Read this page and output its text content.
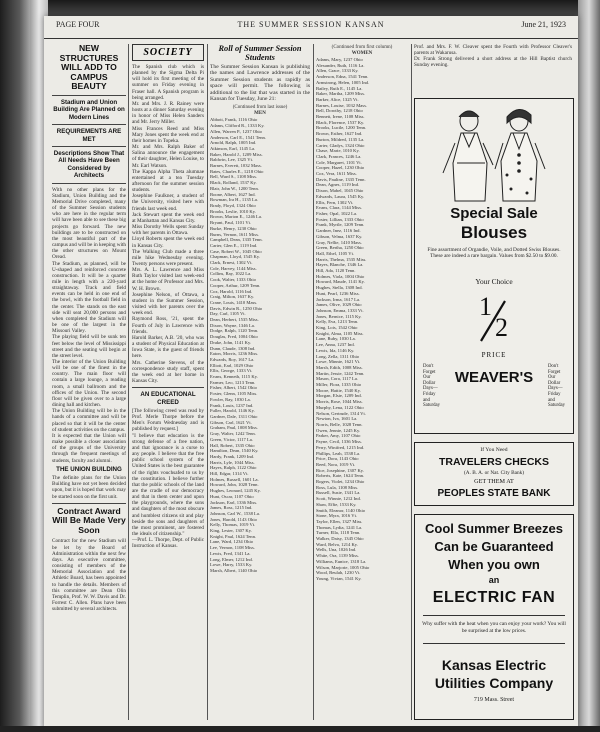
PAGE FOUR	THE SUMMER SESSION KANSAN	June 21, 1923
NEW STRUCTURES WILL ADD TO CAMPUS BEAUTY
Stadium and Union Building Are Planned on Modern Lines
REQUIREMENTS ARE MET
Descriptions Show That All Needs Have Been Considered by Architects

With no other plans for the Stadium, Union Building and the Memorial Drive completed, many of the Summer Session students who are here in the regular term will have been able to see these big projects go forward. The new buildings are to be constructed on the most beautiful part of the campus and will be in keeping with the other structures on Mount Oread.
The Stadium, as planned, will be U-shaped and reinforced concrete construction. It will be a quarter mile in length with a 220-yard straightaway. Track and field events can be held in one end of the bowl, with the football field in the center. The stands on the east side will seat 20,000 persons and when completed the Stadium will be one of the largest in the Missouri Valley.
The playing field will be sunk ten feet below the level of Mississippi street and the seating will begin at the street level.
The interior of the Union Building will be one of the finest in the country. The main floor will contain a large lounge, a reading room, a small ballroom and the offices of the Union. The second floor will be given over to a large dining hall and kitchen.
The Union Building will be in the hands of a committee and will be placed so that it will be the center of student activities on the campus.
It is expected that the Union will make possible a closer association of the groups of the University through the frequent meetings of students, faculty and alumni.

THE UNION BUILDING

The definite plans for the Union Building have not yet been decided upon, but it is hoped that work may be started soon on the first unit.

Contract Award Will Be Made Very Soon

Contract for the new Stadium will be let by the Board of Administration within the next few days. An executive committee, consisting of members of the Memorial Association and the Athletic Board, has been appointed to handle the details. Members of this committee are Dean Olin Templin, Prof. W. W. Davis and Dr. Forrest C. Allen. Plans have been submitted by several architects.

SOCIETY

The Spanish club which is planned by the Sigma Delta Pi will hold its first meeting of the summer on Friday evening in Fraser hall. A Spanish program is being arranged.
Mr. and Mrs. J. R. Rainey were hosts at a dinner Saturday evening in honor of Miss Helen Sanders and Mr. Jerry Miller.
Miss Frances Reed and Miss Mary Jones spent the week end at their homes in Topeka.
Mr. and Mrs. Ralph Baker of Salina announce the engagement of their daughter, Helen Louise, to Mr. Earl Watson.
The Kappa Alpha Theta alumnae entertained at a tea Tuesday afternoon for the summer session students.
Josephine Faulkner, a student of the University, visited here with friends last week end.
Jack Stewart spent the week end at Manhattan and Kansas City.
Miss Dorothy Wells spent Sunday with her parents in Ottawa.
Lloyd Roberts spent the week end in Kansas City.
The Walking Club made a three mile hike Wednesday evening. Twenty persons were present.
Mrs. A. L. Lawrence and Miss Ruth Taylor visited last week-end at the home of Professor and Mrs. W. H. Brown.
Josephine Nelson, of Ottawa, a student in the Summer Session, visited with her parents over the week end.
Raymond Ross, '21, spent the Fourth of July in Lawrence with friends.
Harold Barker, A.B. '20, who was a student of Physical Education at Iowa State, is the guest of friends here.
Mrs. Catherine Stevens, of the correspondence study staff, spent the week end at her home in Kansas City.

AN EDUCATIONAL CREED

[The following creed was read by Prof. Merle Thorpe before the Men's Forum Wednesday and is published by request.]
"I believe that education is the strong defense of a free nation, and that ignorance is a curse to any people. I believe that the free public school system of the United States is the best guarantee of the rights vouchsafed to us by the constitution. I believe further that the public schools of the land are the cradle of our democracy and that in them center and upon the playgrounds, where the sons and daughters of the most obscure and humblest citizens sit and play beside the sons and daughters of the most prominent, are fostered the ideals of citizenship."
—Prof. L. Thorpe, Dept. of Public Instruction of Kansas.

Roll of Summer Session Students

The Summer Session Kansan is publishing the names and Lawrence addresses of the Summer Session students as rapidly as space will permit. The following is additional to the list that was started in the Kansan for Tuesday, June 21:

(Continued from last issue)
MEN

Abbott, Frank, 1116 Ohio
Adams, Clifford R., 1333 Ky.
Allen, Warren P., 1237 Ohio
Anderson, Carl E., 1541 Tenn.
Arnold, Ralph, 1005 Ind.
Atkinson, Earl, 1145 La.
Baker, Harold J., 1209 Miss.
Baldwin, Lee, 1325 Vt.
Barnes, Everett, 1032 Mass.
Bates, Charles E., 1218 Ohio
Bell, Ward S., 1108 Miss.
Black, Rolland, 1537 Ky.
Blair, John W., 1200 Tenn.
Boone, Albert, 1627 Ind.
Bowman, Ira H., 1135 La.
Brady, Floyd, 1324 Ohio
Brooks, Leslie, 1010 Ky.
Brown, Marion E., 1246 La.
Bryant, Paul, 1101 Vt.
Burke, Henry, 1230 Ohio
Burns, Vernon, 1611 Miss.
Campbell, Dean, 1335 Tenn.
Carter, Glen E., 1119 Ind.
Case, Robert W., 1045 Ohio
Chapman, Lloyd, 1545 Ky.
Clark, Ernest, 1302 Vt.
Cole, Harvey, 1144 Miss.
Collins, Ray, 1022 La.
Cook, Walter, 1333 Ohio
Cooper, Arthur, 1209 Tenn.
Cox, Harold, 1116 Ind.
Craig, Milton, 1637 Ky.
Crane, Louis, 1410 Mass.
Davis, Edwin R., 1250 Ohio
Day, Carl, 1105 Vt.
Dean, Herbert, 1535 Miss.
Dixon, Wayne, 1346 La.
Dodge, Ralph, 1120 Tenn.
Douglas, Fred, 1004 Ohio
Drake, John, 1141 Ky.
Dunn, Claude, 1308 Ind.
Eaton, Morris, 1236 Miss.
Edwards, Roy, 1617 La.
Elliott, Earl, 1029 Ohio
Ellis, George, 1333 Vt.
Evans, Kenneth, 1115 Ky.
Farmer, Leo, 1213 Tenn.
Fisher, Albert, 1542 Ohio
Foster, Glenn, 1105 Miss.
Fowler, Ray, 1030 La.
Frank, Louis, 1237 Ind.
Fuller, Harold, 1146 Ky.
Gardner, Dale, 1311 Ohio
Gibson, Carl, 1621 Vt.
Graham, Paul, 1008 Miss.
Gray, Walter, 1242 Tenn.
Green, Victor, 1117 La.
Hall, Robert, 1335 Ohio
Hamilton, Dean, 1540 Ky.
Hardy, Frank, 1209 Ind.
Harris, Lyle, 1044 Miss.
Hayes, Ralph, 1122 Ohio
Hill, Edgar, 1314 Vt.
Holmes, Russell, 1601 La.
Howard, John, 1028 Tenn.
Hughes, Leonard, 1245 Ky.
Hunt, Oscar, 1107 Ohio
Jackson, Earl, 1336 Miss.
James, Ross, 1215 Ind.
Johnson, Carl W., 1538 La.
Jones, Harold, 1143 Ohio
Kelly, Thomas, 1019 Vt.
King, Lester, 1307 Ky.
Knight, Paul, 1624 Tenn.
Lane, Ward, 1234 Ohio
Lee, Vernon, 1108 Miss.
Lewis, Fred, 1341 La.
Long, Elmer, 1212 Ind.
Lowe, Harry, 1533 Ky.
Marsh, Albert, 1140 Ohio

(Continued from first column)
WOMEN

Adams, Mary, 1237 Ohio
Alexander, Ruth, 1116 La.
Allen, Grace, 1333 Ky.
Anderson, Edna, 1541 Tenn.
Armstrong, Helen, 1005 Ind.
Bailey, Ruth E., 1145 La.
Baker, Martha, 1209 Miss.
Barker, Alice, 1325 Vt.
Barnes, Louise, 1032 Mass.
Bell, Dorothy, 1218 Ohio
Bennett, Irene, 1108 Miss.
Black, Florence, 1537 Ky.
Brooks, Lucile, 1200 Tenn.
Brown, Esther, 1627 Ind.
Burton, Mildred, 1135 La.
Carter, Gladys, 1324 Ohio
Chase, Marie, 1010 Ky.
Clark, Frances, 1246 La.
Cole, Margaret, 1101 Vt.
Cooper, Hazel, 1230 Ohio
Cox, Vera, 1611 Miss.
Davis, Pauline, 1335 Tenn.
Dean, Agnes, 1119 Ind.
Dixon, Mabel, 1045 Ohio
Edwards, Laura, 1545 Ky.
Ellis, Fern, 1302 Vt.
Evans, Clara, 1144 Miss.
Fisher, Opal, 1022 La.
Foster, Lillian, 1333 Ohio
Frank, Myrtle, 1209 Tenn.
Gardner, Inez, 1116 Ind.
Gibson, Velma, 1637 Ky.
Gray, Nellie, 1410 Mass.
Green, Bertha, 1250 Ohio
Hall, Ethel, 1105 Vt.
Harris, Thelma, 1535 Miss.
Hayes, Blanche, 1346 La.
Hill, Ada, 1120 Tenn.
Holmes, Viola, 1004 Ohio
Howard, Maude, 1141 Ky.
Hughes, Stella, 1308 Ind.
Hunt, Pearl, 1236 Miss.
Jackson, Irma, 1617 La.
James, Olive, 1029 Ohio
Johnson, Emma, 1333 Vt.
Jones, Bernice, 1115 Ky.
Kelly, Eva, 1213 Tenn.
King, Lois, 1542 Ohio
Knight, Alma, 1105 Miss.
Lane, Ruby, 1030 La.
Lee, Anna, 1237 Ind.
Lewis, Ida, 1146 Ky.
Long, Zella, 1311 Ohio
Lowe, Minnie, 1621 Vt.
Marsh, Edith, 1008 Miss.
Martin, Jessie, 1242 Tenn.
Mason, Cora, 1117 La.
Miller, Flora, 1335 Ohio
Moore, Hattie, 1540 Ky.
Morgan, Elsie, 1209 Ind.
Morris, Rose, 1044 Miss.
Murphy, Lena, 1122 Ohio
Nelson, Gertrude, 1314 Vt.
Newton, Iva, 1601 La.
Norris, Belle, 1028 Tenn.
Owen, Jennie, 1245 Ky.
Parker, Amy, 1107 Ohio
Payne, Cecil, 1336 Miss.
Perry, Winifred, 1215 Ind.
Phillips, Leah, 1538 La.
Price, Dora, 1143 Ohio
Reed, Nora, 1019 Vt.
Rice, Josephine, 1307 Ky.
Roberts, Kate, 1624 Tenn.
Rogers, Violet, 1234 Ohio
Ross, Lula, 1108 Miss.
Russell, Susie, 1341 La.
Scott, Winnie, 1212 Ind.
Shaw, Effie, 1533 Ky.
Smith, Eleanor, 1140 Ohio
Stone, Myra, 1016 Vt.
Taylor, Ellen, 1327 Miss.
Thomas, Lydia, 1241 La.
Turner, Ella, 1118 Tenn.
Walker, Daisy, 1345 Ohio
Ward, Belva, 1214 Ky.
Wells, Una, 1026 Ind.
White, Ora, 1139 Miss.
Williams, Eunice, 1318 La.
Wilson, Marjorie, 1005 Ohio
Wood, Beulah, 1230 Vt.
Young, Vivian, 1541 Ky.

Prof. and Mrs. F. W. Cleaver spent the Fourth with Professor Cleaver's parents at Wakarusa.
Dr. Frank Strong delivered a short address at the Hill Baptist church Sunday evening.

Special Sale
Blouses
Fine assortment of Organdie, Voile, and Dotted Swiss Blouses. These are indeed a rare bargain. Values from $2.50 to $9.00.
Your Choice
1
2
PRICE
Don't
Forget
Our
Dollar
Days—
Friday
and
Saturday
Don't
Forget
Our
Dollar
Days—
Friday
and
Saturday
WEAVER'S
If You Need
TRAVELERS CHECKS
(A. B. A. or Nat. City Bank)
GET THEM AT
PEOPLES STATE BANK
Cool Summer Breezes
Can be Guaranteed
When you own
an
ELECTRIC FAN
Why suffer with the heat when you can enjoy your work? You will be surprised at the low prices.
Kansas Electric
Utilities Company
719 Mass. Street
